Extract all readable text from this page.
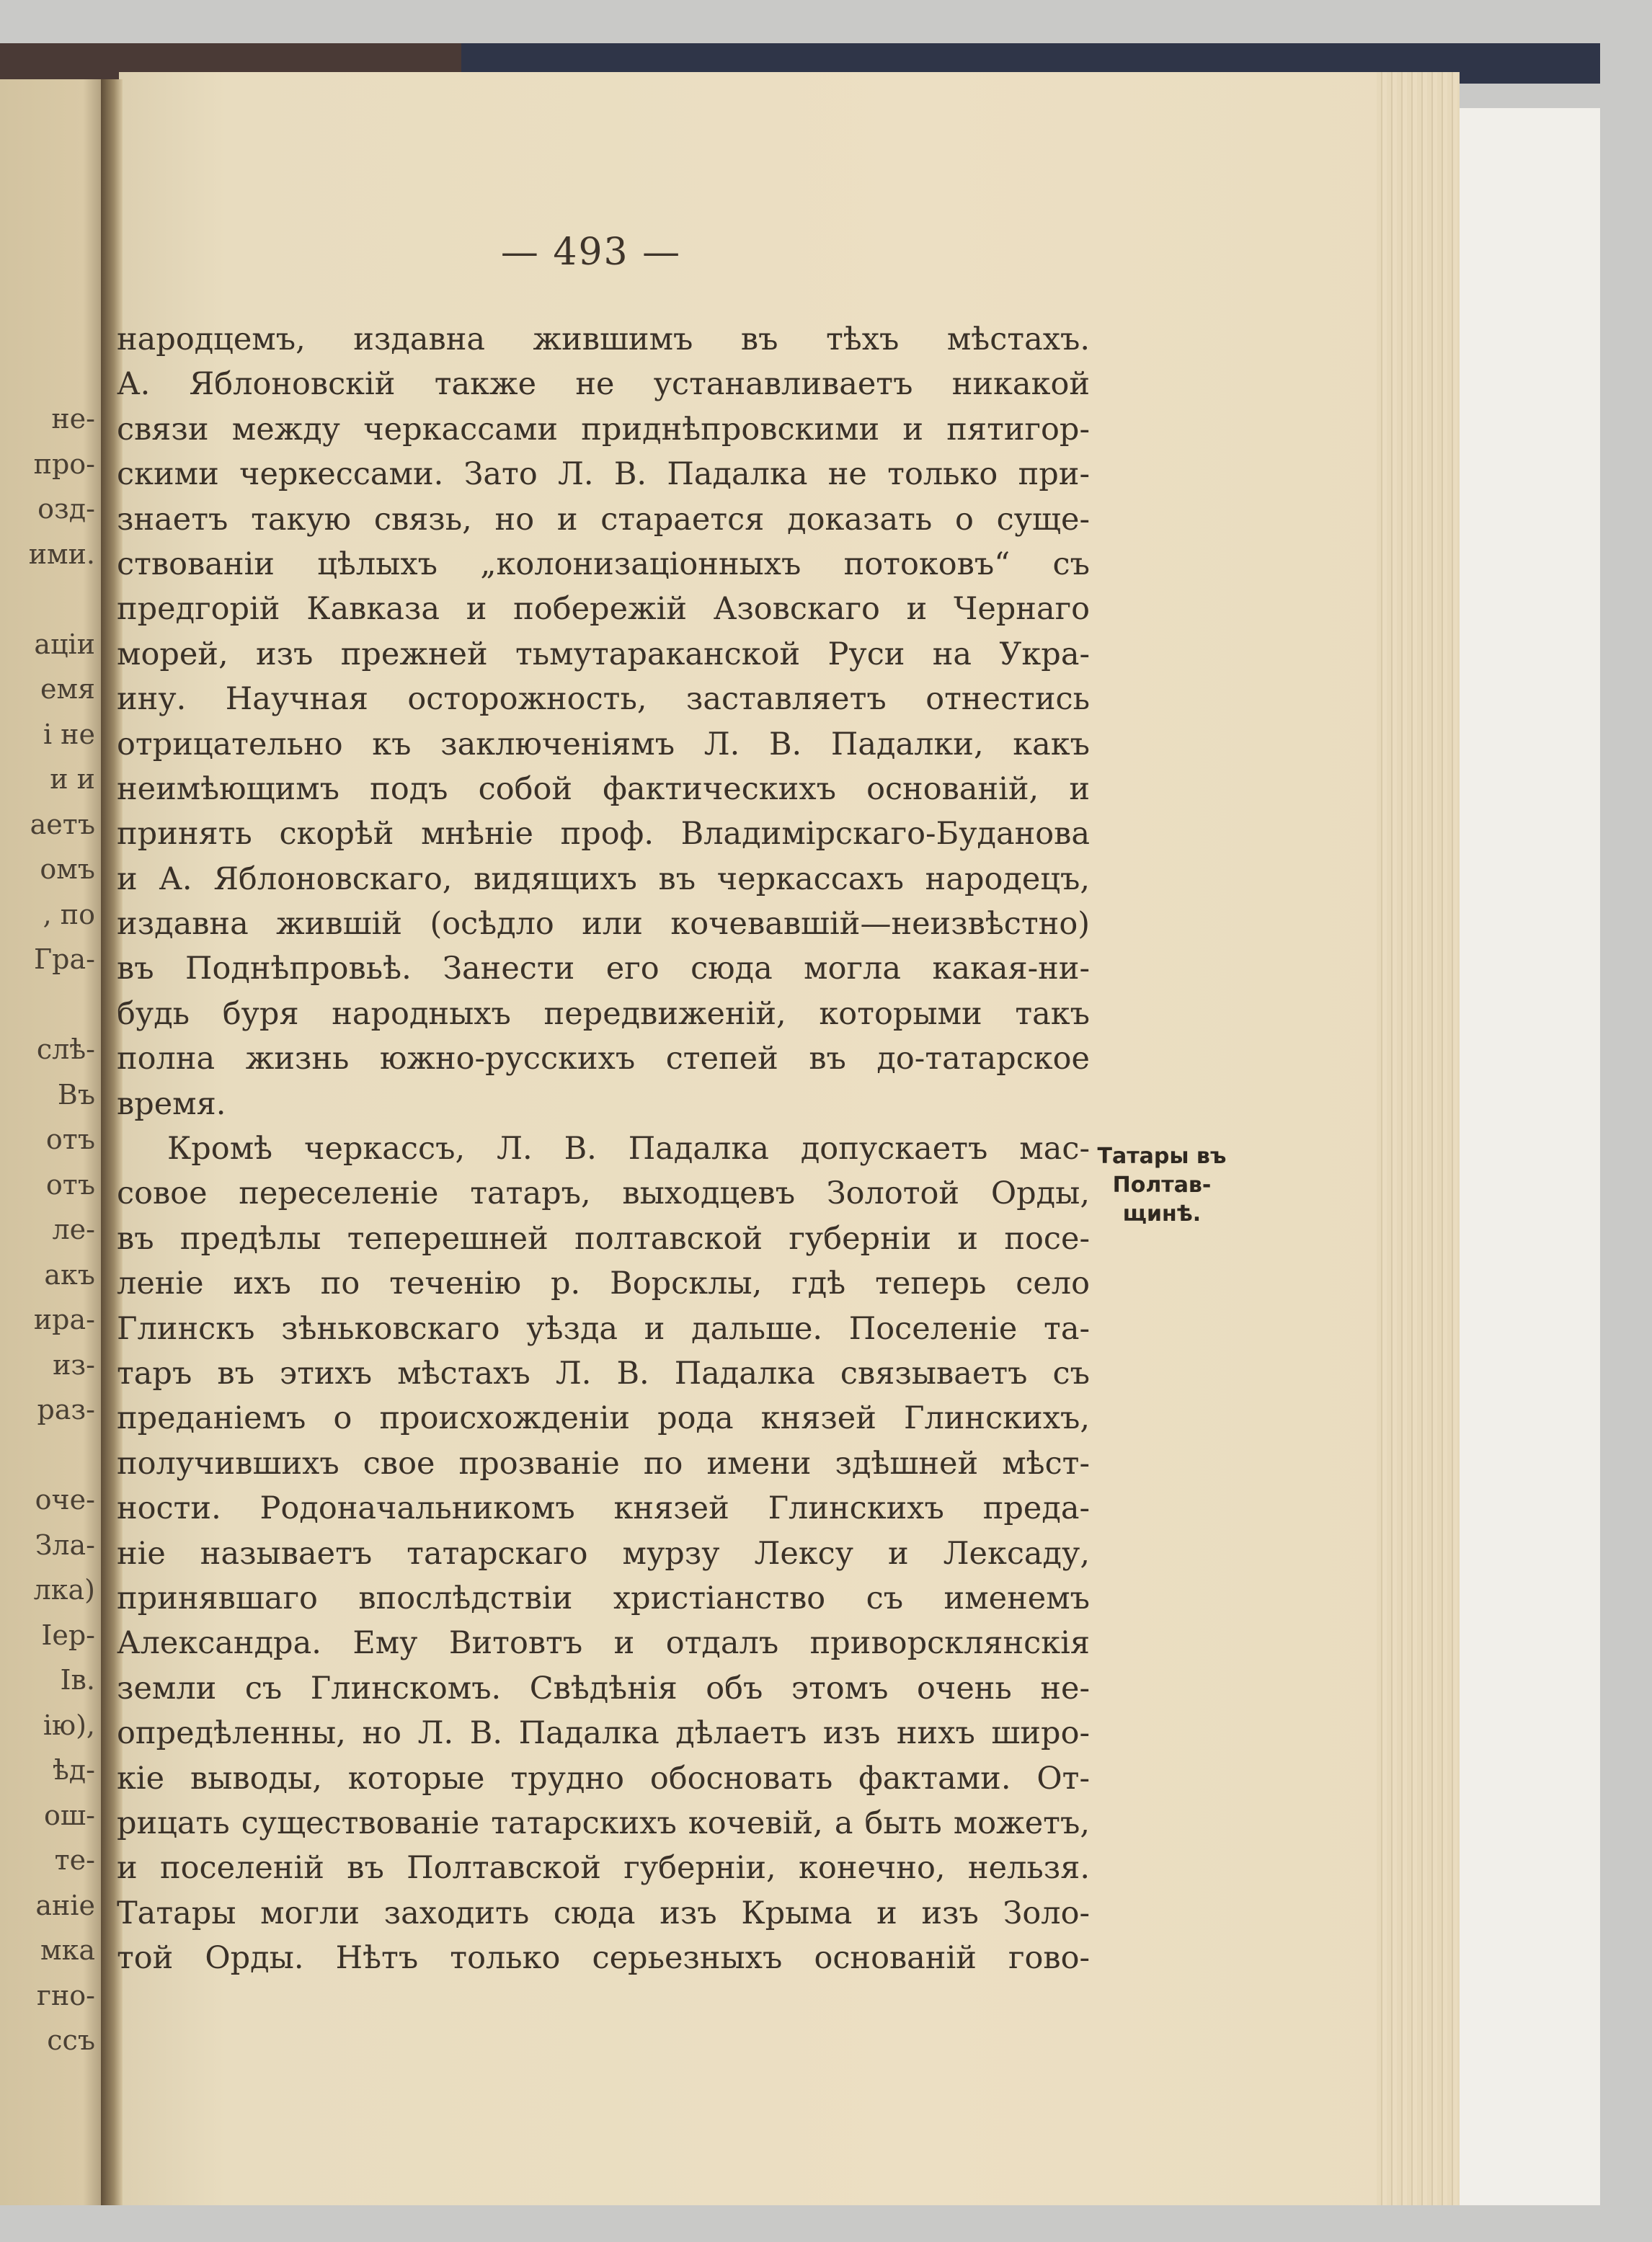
не-
про-
озд-
ими.
аціи
емя
і не
и и
аетъ
омъ
, по
Гра-
слѣ-
Въ
отъ
отъ
ле-
акъ
ира-
из-
раз-
оче-
Зла-
лка)
Іер-
Ів.
ію),
ѣд-
ош-
те-
аніе
мка
гно-
ссъ
— 493 —
народцемъ, издавна жившимъ въ тѣхъ мѣстахъ.
А. Яблоновскій также не устанавливаетъ никакой
связи между черкассами приднѣпровскими и пятигор-
скими черкессами. Зато Л. В. Падалка не только при-
знаетъ такую связь, но и старается доказать о суще-
ствованіи цѣлыхъ „колонизаціонныхъ потоковъ“ съ
предгорій Кавказа и побережій Азовскаго и Чернаго
морей, изъ прежней тьмутараканской Руси на Укра-
ину. Научная осторожность, заставляетъ отнестись
отрицательно къ заключеніямъ Л. В. Падалки, какъ
неимѣющимъ подъ собой фактическихъ основаній, и
принять скорѣй мнѣніе проф. Владимірскаго-Буданова
и А. Яблоновскаго, видящихъ въ черкассахъ народецъ,
издавна жившій (осѣдло или кочевавшій—неизвѣстно)
въ Поднѣпровьѣ. Занести его сюда могла какая-ни-
будь буря народныхъ передвиженій, которыми такъ
полна жизнь южно-русскихъ степей въ до-татарское
время.
Кромѣ черкассъ, Л. В. Падалка допускаетъ мас-
совое переселеніе татаръ, выходцевъ Золотой Орды,
въ предѣлы теперешней полтавской губерніи и посе-
леніе ихъ по теченію р. Ворсклы, гдѣ теперь село
Глинскъ зѣньковскаго уѣзда и дальше. Поселеніе та-
таръ въ этихъ мѣстахъ Л. В. Падалка связываетъ съ
преданіемъ о происхожденіи рода князей Глинскихъ,
получившихъ свое прозваніе по имени здѣшней мѣст-
ности. Родоначальникомъ князей Глинскихъ преда-
ніе называетъ татарскаго мурзу Лексу и Лексаду,
принявшаго впослѣдствіи христіанство съ именемъ
Александра. Ему Витовтъ и отдалъ приворсклянскія
земли съ Глинскомъ. Свѣдѣнія объ этомъ очень не-
опредѣленны, но Л. В. Падалка дѣлаетъ изъ нихъ широ-
кіе выводы, которые трудно обосновать фактами. От-
рицать существованіе татарскихъ кочевій, а быть можетъ,
и поселеній въ Полтавской губерніи, конечно, нельзя.
Татары могли заходить сюда изъ Крыма и изъ Золо-
той Орды. Нѣтъ только серьезныхъ основаній гово-
Татары въ
Полтав-
щинѣ.
